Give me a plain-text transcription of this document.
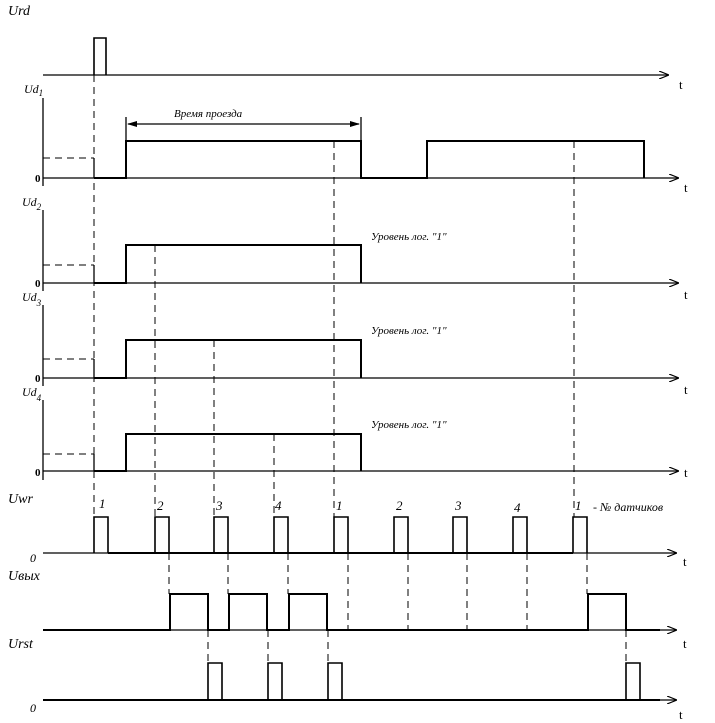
Urd
$Ud_1$
$Ud_2$
$Ud_3$
$Ud_4$
Uwr
Uвых
Urst
0
0
0
0
0
0
t
t
t
t
t
t
t
t
Время проезда
Уровень лог. "1"
Уровень лог. "1"
Уровень лог. "1"
1	2	3	4	1	2	3	4	1 - № датчиков
